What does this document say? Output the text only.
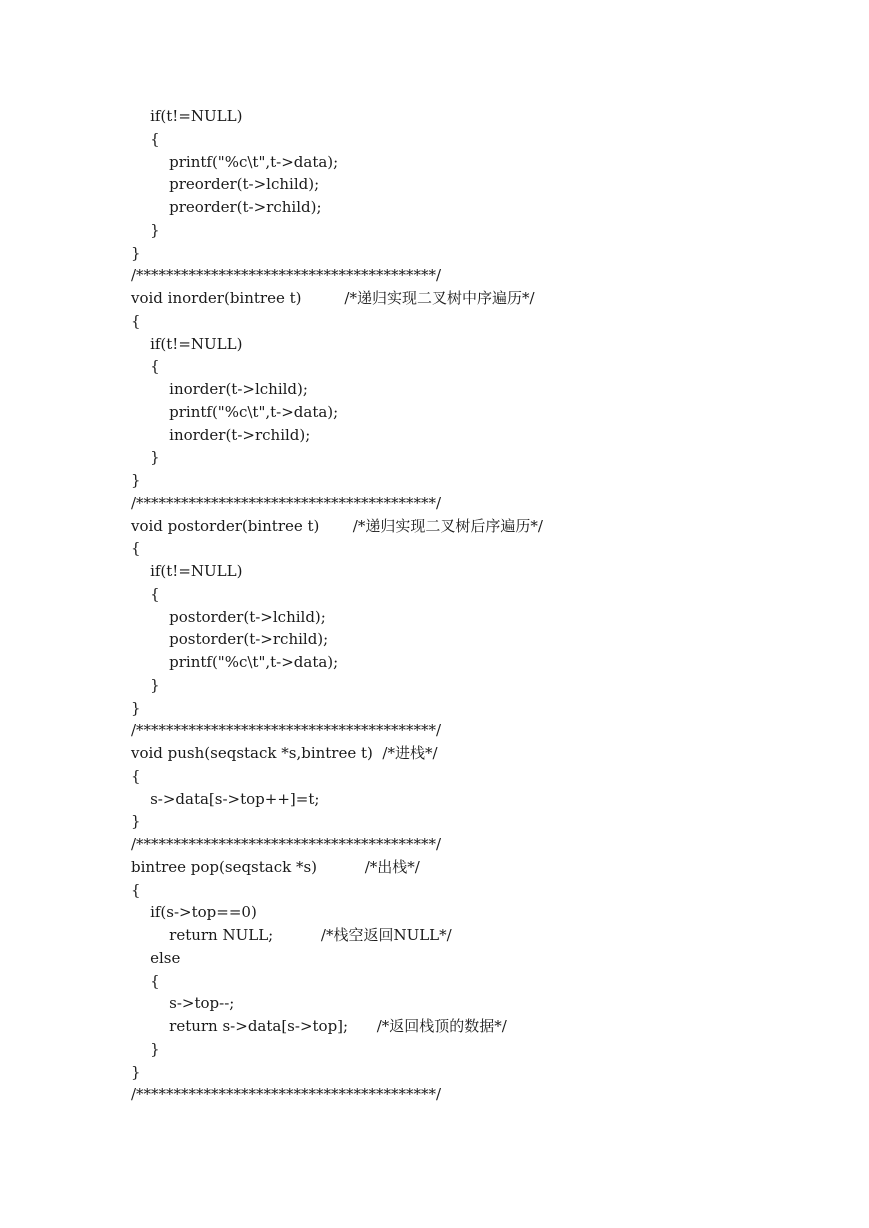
if(t!=NULL)
{
printf("%c\t",t->data);
preorder(t->lchild);
preorder(t->rchild);
}
}
/****************************************/
void inorder(bintree t)         /*递归实现二叉树中序遍历*/
{
if(t!=NULL)
{
inorder(t->lchild);
printf("%c\t",t->data);
inorder(t->rchild);
}
}
/****************************************/
void postorder(bintree t)       /*递归实现二叉树后序遍历*/
{
if(t!=NULL)
{
postorder(t->lchild);
postorder(t->rchild);
printf("%c\t",t->data);
}
}
/****************************************/
void push(seqstack *s,bintree t)  /*进栈*/
{
s->data[s->top++]=t;
}
/****************************************/
bintree pop(seqstack *s)          /*出栈*/
{
if(s->top==0)
return NULL;          /*栈空返回NULL*/
else
{
s->top--;
return s->data[s->top];      /*返回栈顶的数据*/
}
}
/****************************************/
